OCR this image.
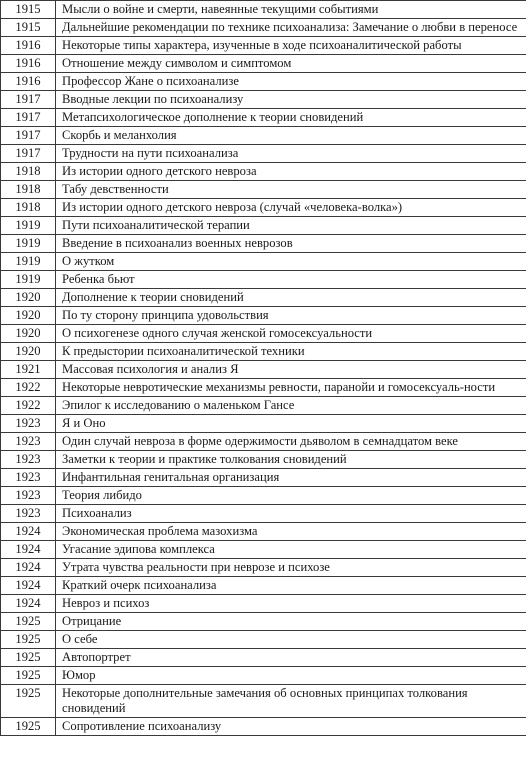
1915	Мысли о войне и смерти, навеянные текущими событиями
1915	Дальнейшие рекомендации по технике психоанализа: Замечание о любви в переносе
1916	Некоторые типы характера, изученные в ходе психоаналитической работы
1916	Отношение между символом и симптомом
1916	Профессор Жане о психоанализе
1917	Вводные лекции по психоанализу
1917	Метапсихологическое дополнение к теории сновидений
1917	Скорбь и меланхолия
1917	Трудности на пути психоанализа
1918	Из истории одного детского невроза
1918	Табу девственности
1918	Из истории одного детского невроза (случай «человека-волка»)
1919	Пути психоаналитической терапии
1919	Введение в психоанализ военных неврозов
1919	О жутком
1919	Ребенка бьют
1920	Дополнение к теории сновидений
1920	По ту сторону принципа удовольствия
1920	О психогенезе одного случая женской гомосексуальности
1920	К предыстории психоаналитической техники
1921	Массовая психология и анализ Я
1922	Некоторые невротические механизмы ревности, паранойи и гомосексуаль-ности
1922	Эпилог к исследованию о маленьком Гансе
1923	Я и Оно
1923	Один случай невроза в форме одержимости дьяволом в семнадцатом веке
1923	Заметки к теории и практике толкования сновидений
1923	Инфантильная генитальная организация
1923	Теория либидо
1923	Психоанализ
1924	Экономическая проблема мазохизма
1924	Угасание эдипова комплекса
1924	Утрата чувства реальности при неврозе и психозе
1924	Краткий очерк психоанализа
1924	Невроз и психоз
1925	Отрицание
1925	О себе
1925	Автопортрет
1925	Юмор
1925	Некоторые дополнительные замечания об основных принципах толкования сновидений
1925	Сопротивление психоанализу
